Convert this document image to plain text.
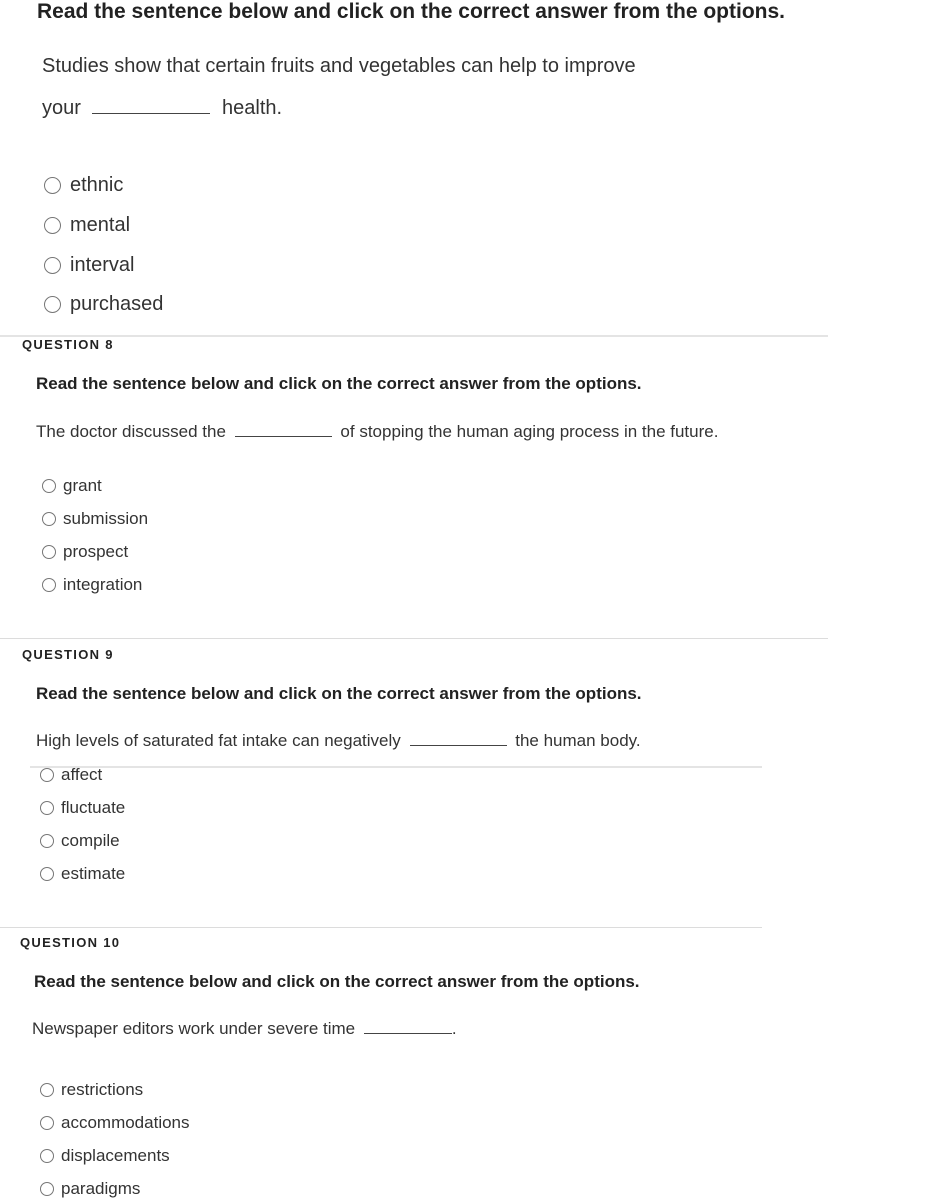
Read the sentence below and click on the correct answer from the options.
Studies show that certain fruits and vegetables can help to improve
your	health.
ethnic
mental
interval
purchased
QUESTION 8
Read the sentence below and click on the correct answer from the options.
The doctor discussed the	of stopping the human aging process in the future.
grant
submission
prospect
integration
QUESTION 9
Read the sentence below and click on the correct answer from the options.
High levels of saturated fat intake can negatively	the human body.
affect
fluctuate
compile
estimate
QUESTION 10
Read the sentence below and click on the correct answer from the options.
Newspaper editors work under severe time	.
restrictions
accommodations
displacements
paradigms
